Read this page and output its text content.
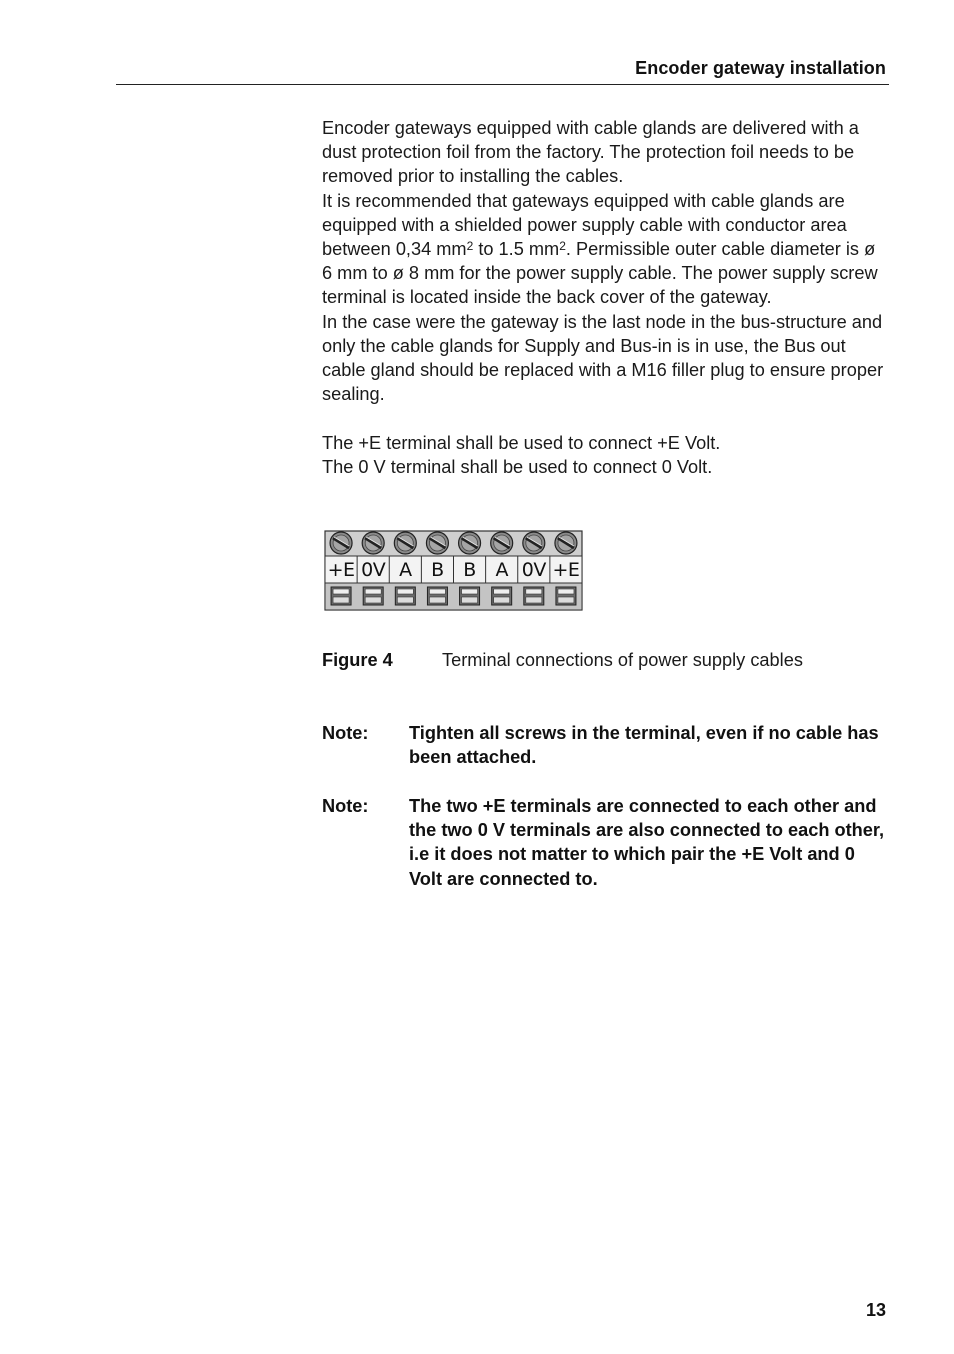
Encoder gateway installation

Encoder gateways equipped with cable glands are delivered with a dust protection foil from the factory. The protection foil needs to be removed prior to installing the cables.

It is recommended that gateways equipped with cable glands are equipped with a shielded power supply cable with conductor area between 0,34 $mm^2$ to 1.5 $mm^2$. Permissible outer cable diameter is ø 6 mm to ø 8 mm for the power supply cable. The power supply screw terminal is located inside the back cover of the gateway.

In the case were the gateway is the last node in the bus-structure and only the cable glands for Supply and Bus-in is in use, the Bus out cable gland should be replaced with a M16 filler plug to ensure proper sealing.

The +E terminal shall be used to connect +E Volt.

The 0 V terminal shall be used to connect 0 Volt.

+E 0V A	B	B	A 0V +E
Figure 4	Terminal connections of power supply cables
Note: Tighten all screws in the terminal, even if no cable has been attached.
Note: The two +E terminals are connected to each other and the two 0 V terminals are also connected to each other, i.e it does not matter to which pair the +E Volt and 0 Volt are connected to.
13
